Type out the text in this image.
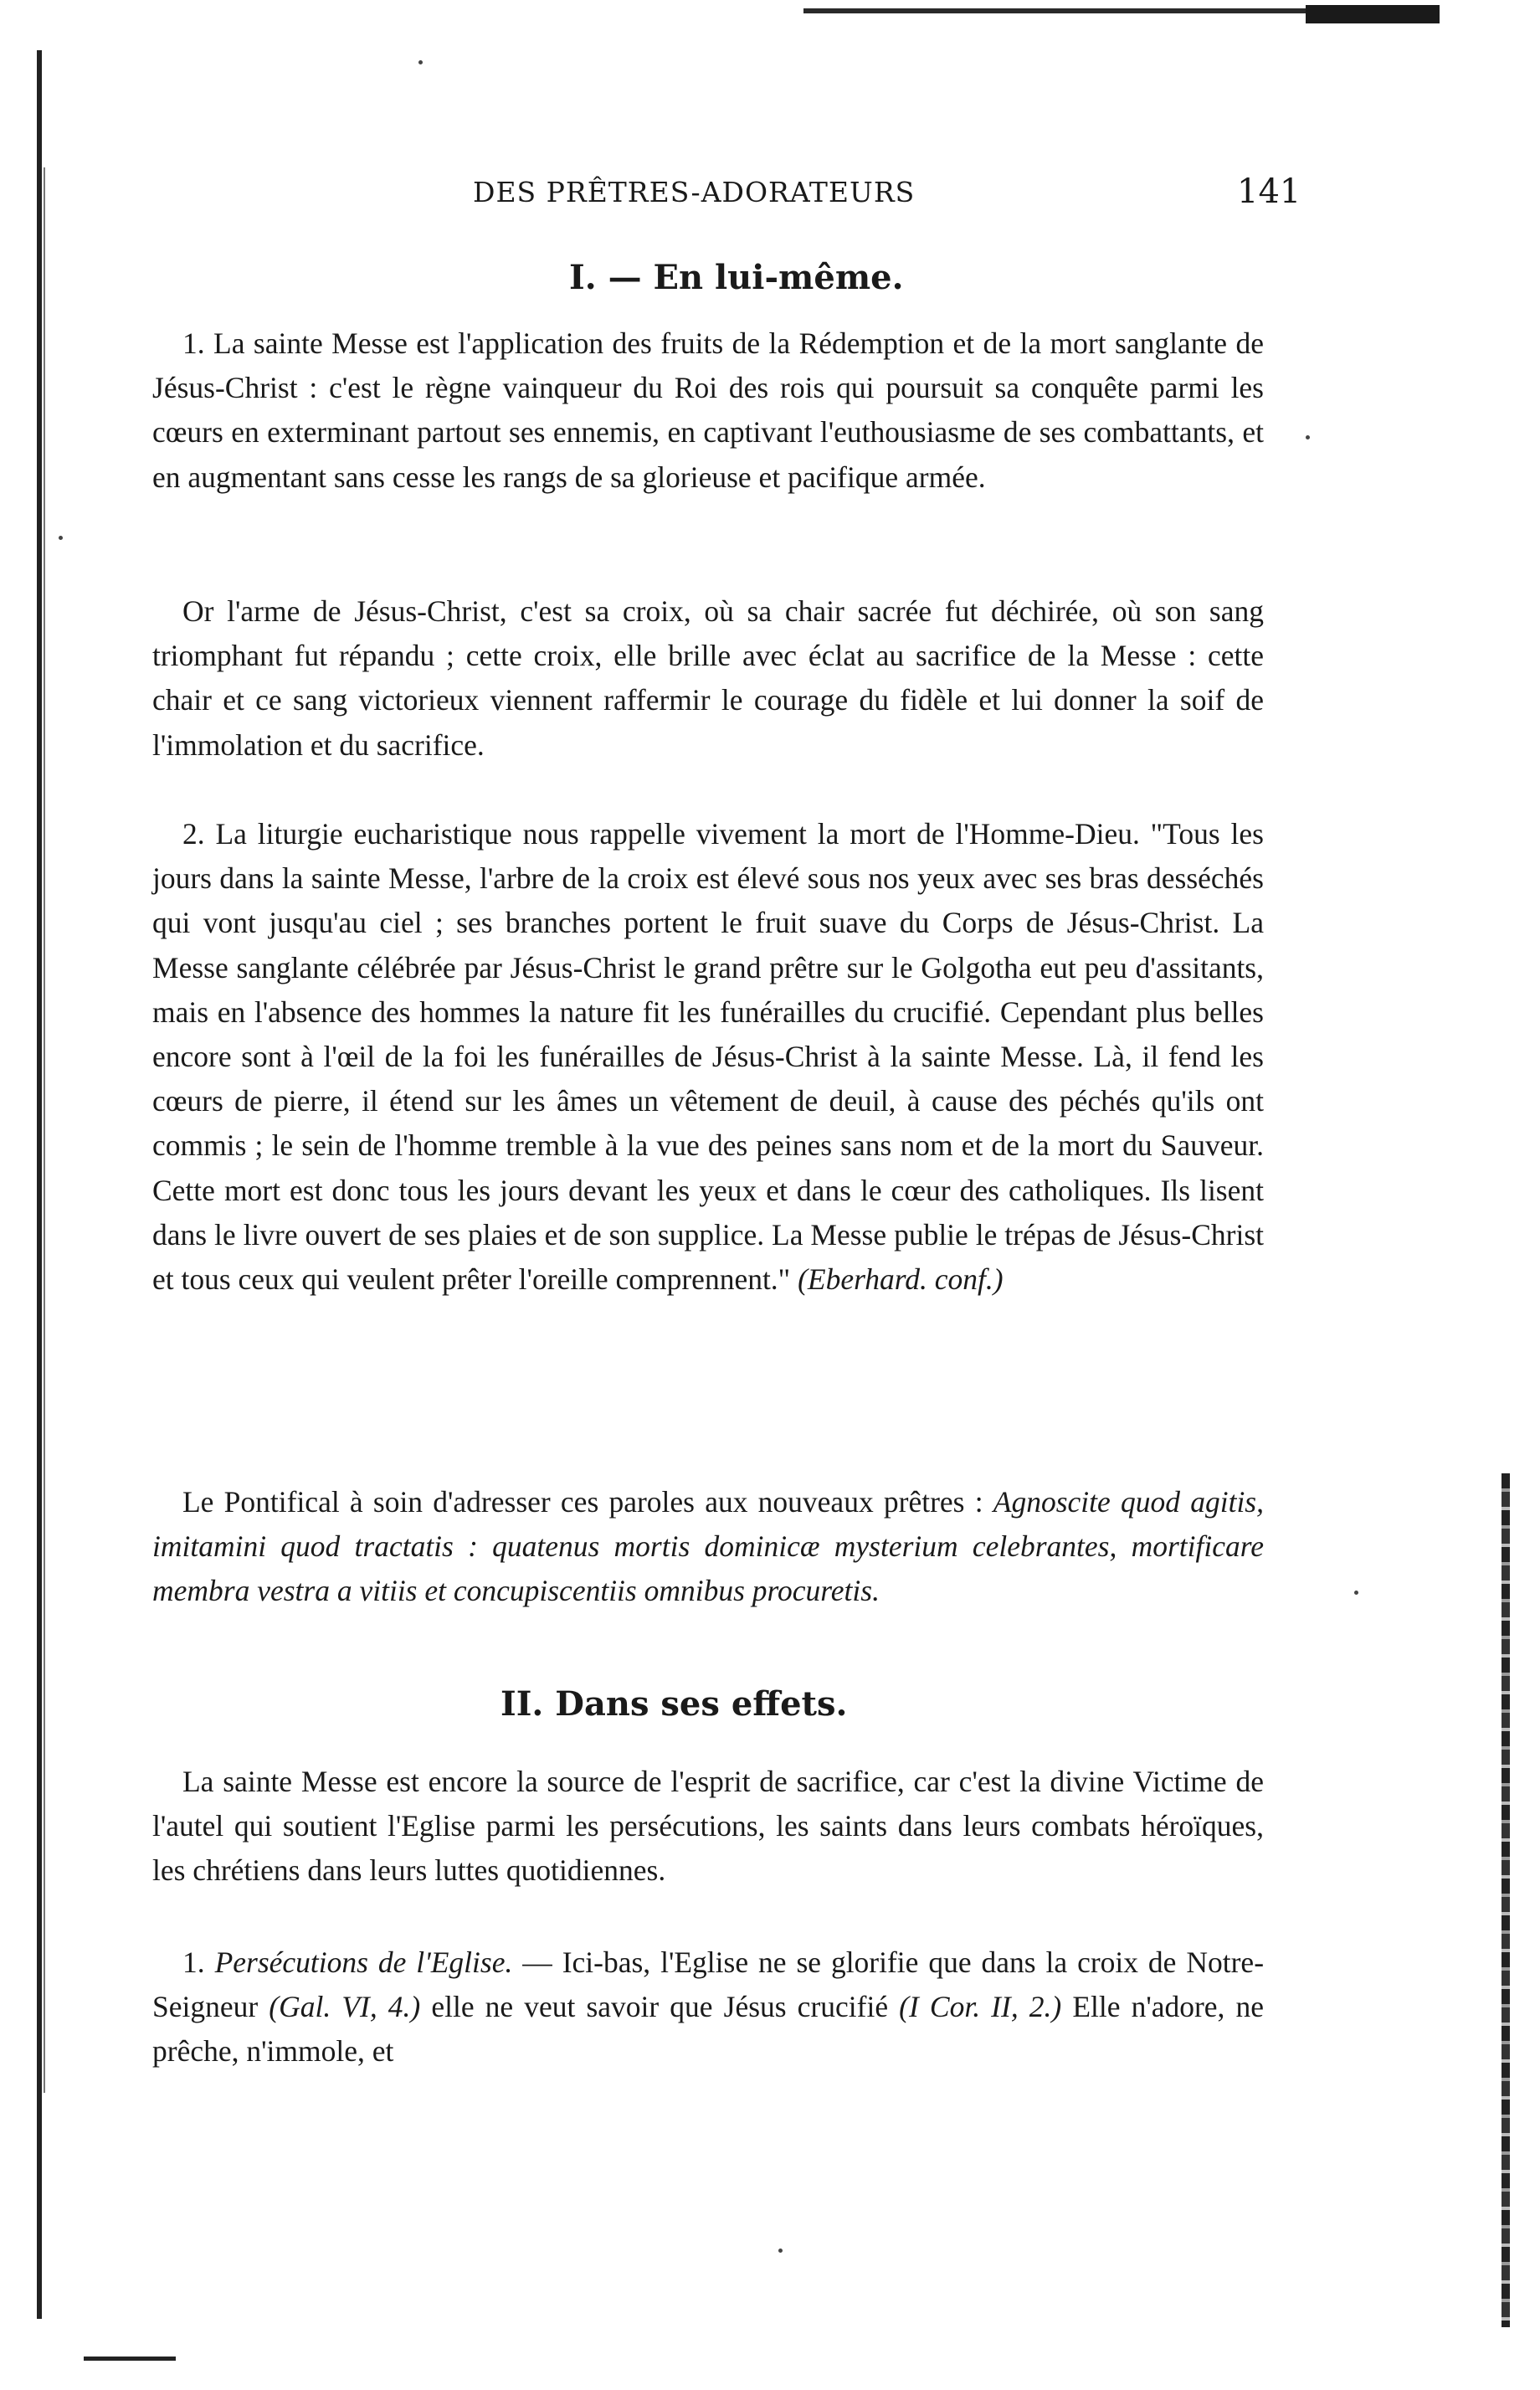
DES PRÊTRES-ADORATEURS	141
I. — En lui-même.

1. La sainte Messe est l'application des fruits de la Rédemption et de la mort sanglante de Jésus-Christ : c'est le règne vainqueur du Roi des rois qui poursuit sa conquête parmi les cœurs en exterminant partout ses ennemis, en captivant l'euthousiasme de ses combattants, et en augmentant sans cesse les rangs de sa glorieuse et pacifique armée.

Or l'arme de Jésus-Christ, c'est sa croix, où sa chair sacrée fut déchirée, où son sang triomphant fut répandu ; cette croix, elle brille avec éclat au sacrifice de la Messe : cette chair et ce sang victorieux viennent raffermir le courage du fidèle et lui donner la soif de l'immolation et du sacrifice.

2. La liturgie eucharistique nous rappelle vivement la mort de l'Homme-Dieu. "Tous les jours dans la sainte Messe, l'arbre de la croix est élevé sous nos yeux avec ses bras desséchés qui vont jusqu'au ciel ; ses branches portent le fruit suave du Corps de Jésus-Christ. La Messe sanglante célébrée par Jésus-Christ le grand prêtre sur le Golgotha eut peu d'assitants, mais en l'absence des hommes la nature fit les funérailles du crucifié. Cependant plus belles encore sont à l'œil de la foi les funérailles de Jésus-Christ à la sainte Messe. Là, il fend les cœurs de pierre, il étend sur les âmes un vêtement de deuil, à cause des péchés qu'ils ont commis ; le sein de l'homme tremble à la vue des peines sans nom et de la mort du Sauveur. Cette mort est donc tous les jours devant les yeux et dans le cœur des catholiques. Ils lisent dans le livre ouvert de ses plaies et de son supplice. La Messe publie le trépas de Jésus-Christ et tous ceux qui veulent prêter l'oreille comprennent." (Eberhard. conf.)

Le Pontifical à soin d'adresser ces paroles aux nouveaux prêtres : Agnoscite quod agitis, imitamini quod tractatis : quatenus mortis dominicæ mysterium celebrantes, mortificare membra vestra a vitiis et concupiscentiis omnibus procuretis.

II. Dans ses effets.

La sainte Messe est encore la source de l'esprit de sacrifice, car c'est la divine Victime de l'autel qui soutient l'Eglise parmi les persécutions, les saints dans leurs combats héroïques, les chrétiens dans leurs luttes quotidiennes.

1. Persécutions de l'Eglise. — Ici-bas, l'Eglise ne se glorifie que dans la croix de Notre-Seigneur (Gal. VI, 4.) elle ne veut savoir que Jésus crucifié (I Cor. II, 2.) Elle n'adore, ne prêche, n'immole, et
